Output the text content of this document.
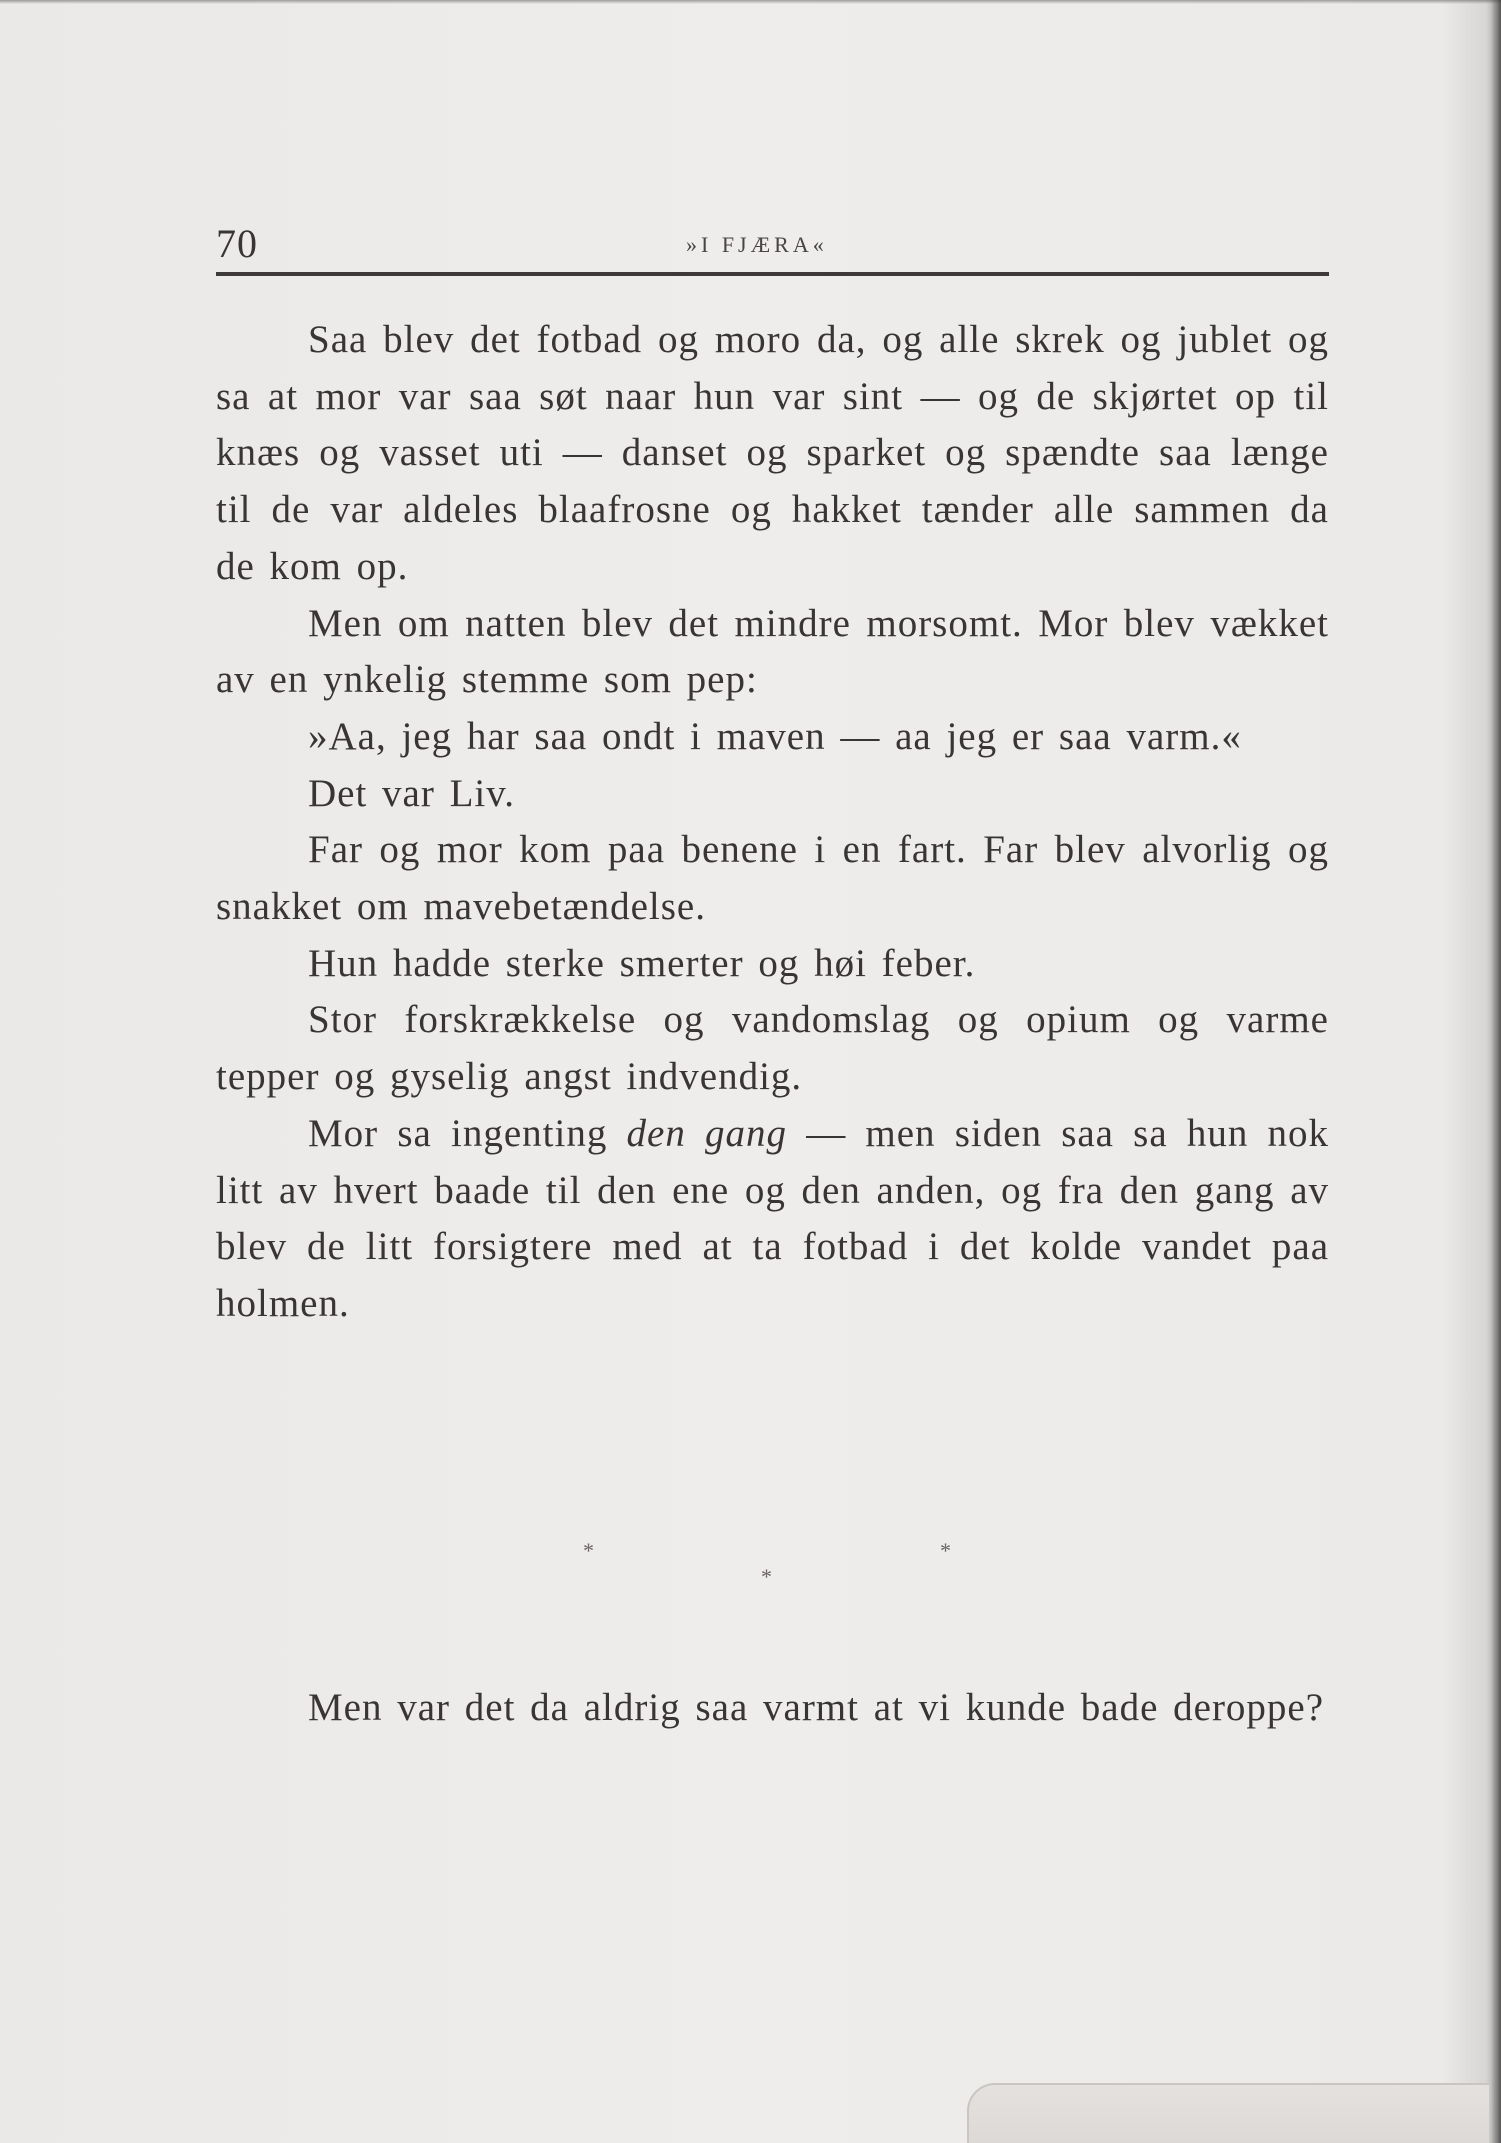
70	»I FJÆRA«

Saa blev det fotbad og moro da, og alle skrek og jublet og sa at mor var saa søt naar hun var sint — og de skjørtet op til knæs og vasset uti — danset og sparket og spændte saa længe til de var aldeles blaafrosne og hakket tænder alle sammen da de kom op.

Men om natten blev det mindre morsomt. Mor blev vækket av en ynkelig stemme som pep:

»Aa, jeg har saa ondt i maven — aa jeg er saa varm.«

Det var Liv.

Far og mor kom paa benene i en fart. Far blev alvorlig og snakket om mavebetændelse.

Hun hadde sterke smerter og høi feber.

Stor forskrækkelse og vandomslag og opium og varme tepper og gyselig angst indvendig.

Mor sa ingenting den gang — men siden saa sa hun nok litt av hvert baade til den ene og den anden, og fra den gang av blev de litt forsigtere med at ta fotbad i det kolde vandet paa holmen.

*	*
*

Men var det da aldrig saa varmt at vi kunde bade deroppe?
